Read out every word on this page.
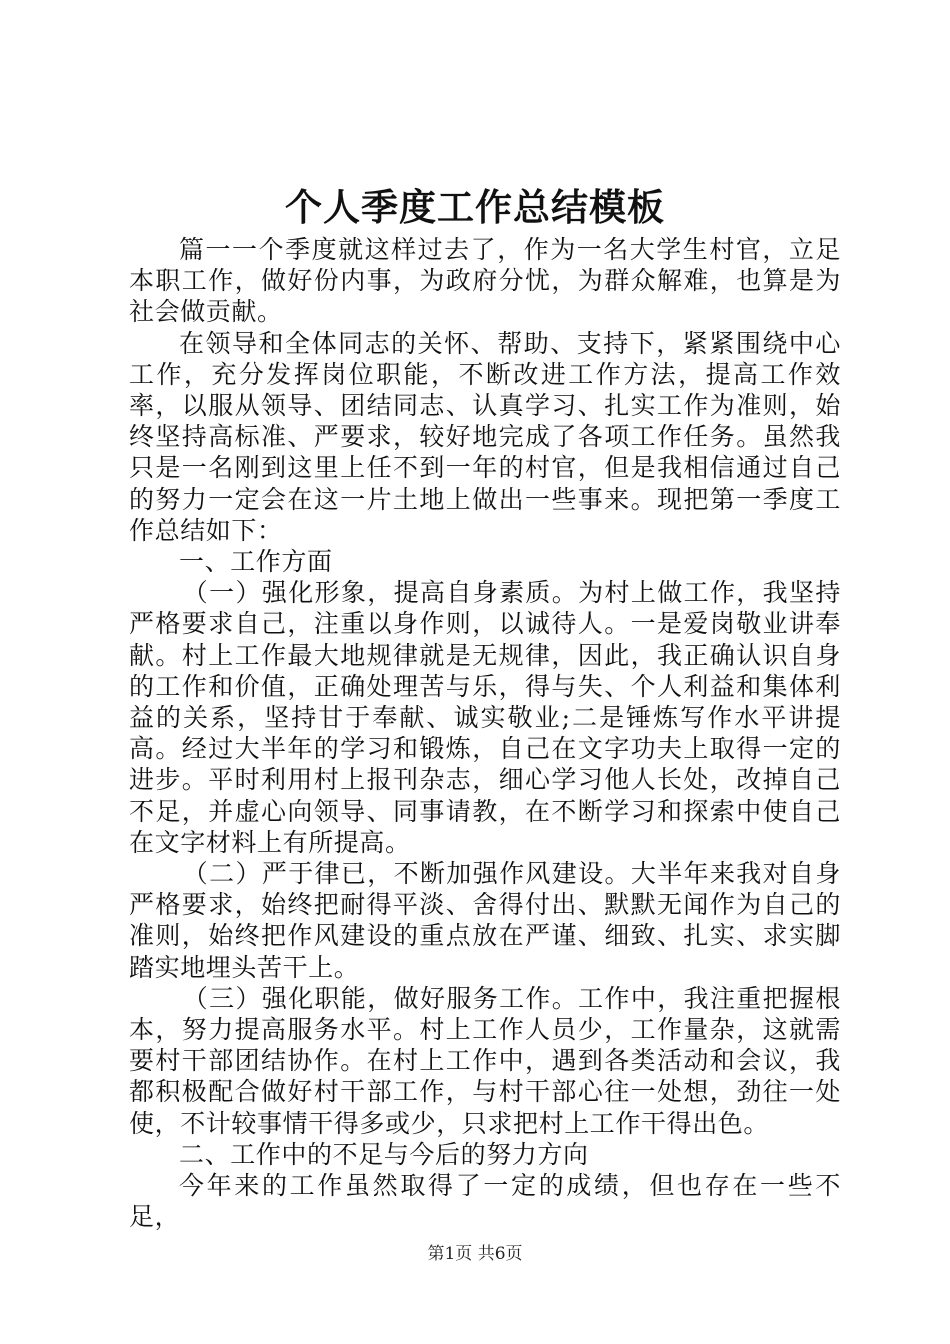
个人季度工作总结模板

篇一一个季度就这样过去了，作为一名大学生村官，立足本职工作，做好份内事，为政府分忧，为群众解难，也算是为社会做贡献。

在领导和全体同志的关怀、帮助、支持下，紧紧围绕中心工作，充分发挥岗位职能，不断改进工作方法，提高工作效率，以服从领导、团结同志、认真学习、扎实工作为准则，始终坚持高标准、严要求，较好地完成了各项工作任务。虽然我只是一名刚到这里上任不到一年的村官，但是我相信通过自己的努力一定会在这一片土地上做出一些事来。现把第一季度工作总结如下：

一、工作方面

（一）强化形象，提高自身素质。为村上做工作，我坚持严格要求自己，注重以身作则，以诚待人。一是爱岗敬业讲奉献。村上工作最大地规律就是无规律，因此，我正确认识自身的工作和价值，正确处理苦与乐，得与失、个人利益和集体利益的关系，坚持甘于奉献、诚实敬业;二是锤炼写作水平讲提高。经过大半年的学习和锻炼，自己在文字功夫上取得一定的进步。平时利用村上报刊杂志，细心学习他人长处，改掉自己不足，并虚心向领导、同事请教，在不断学习和探索中使自己在文字材料上有所提高。

（二）严于律已，不断加强作风建设。大半年来我对自身严格要求，始终把耐得平淡、舍得付出、默默无闻作为自己的准则，始终把作风建设的重点放在严谨、细致、扎实、求实脚踏实地埋头苦干上。

（三）强化职能，做好服务工作。工作中，我注重把握根本，努力提高服务水平。村上工作人员少，工作量杂，这就需要村干部团结协作。在村上工作中，遇到各类活动和会议，我都积极配合做好村干部工作，与村干部心往一处想，劲往一处使，不计较事情干得多或少，只求把村上工作干得出色。

二、工作中的不足与今后的努力方向

今年来的工作虽然取得了一定的成绩，但也存在一些不足，

第1页 共6页
